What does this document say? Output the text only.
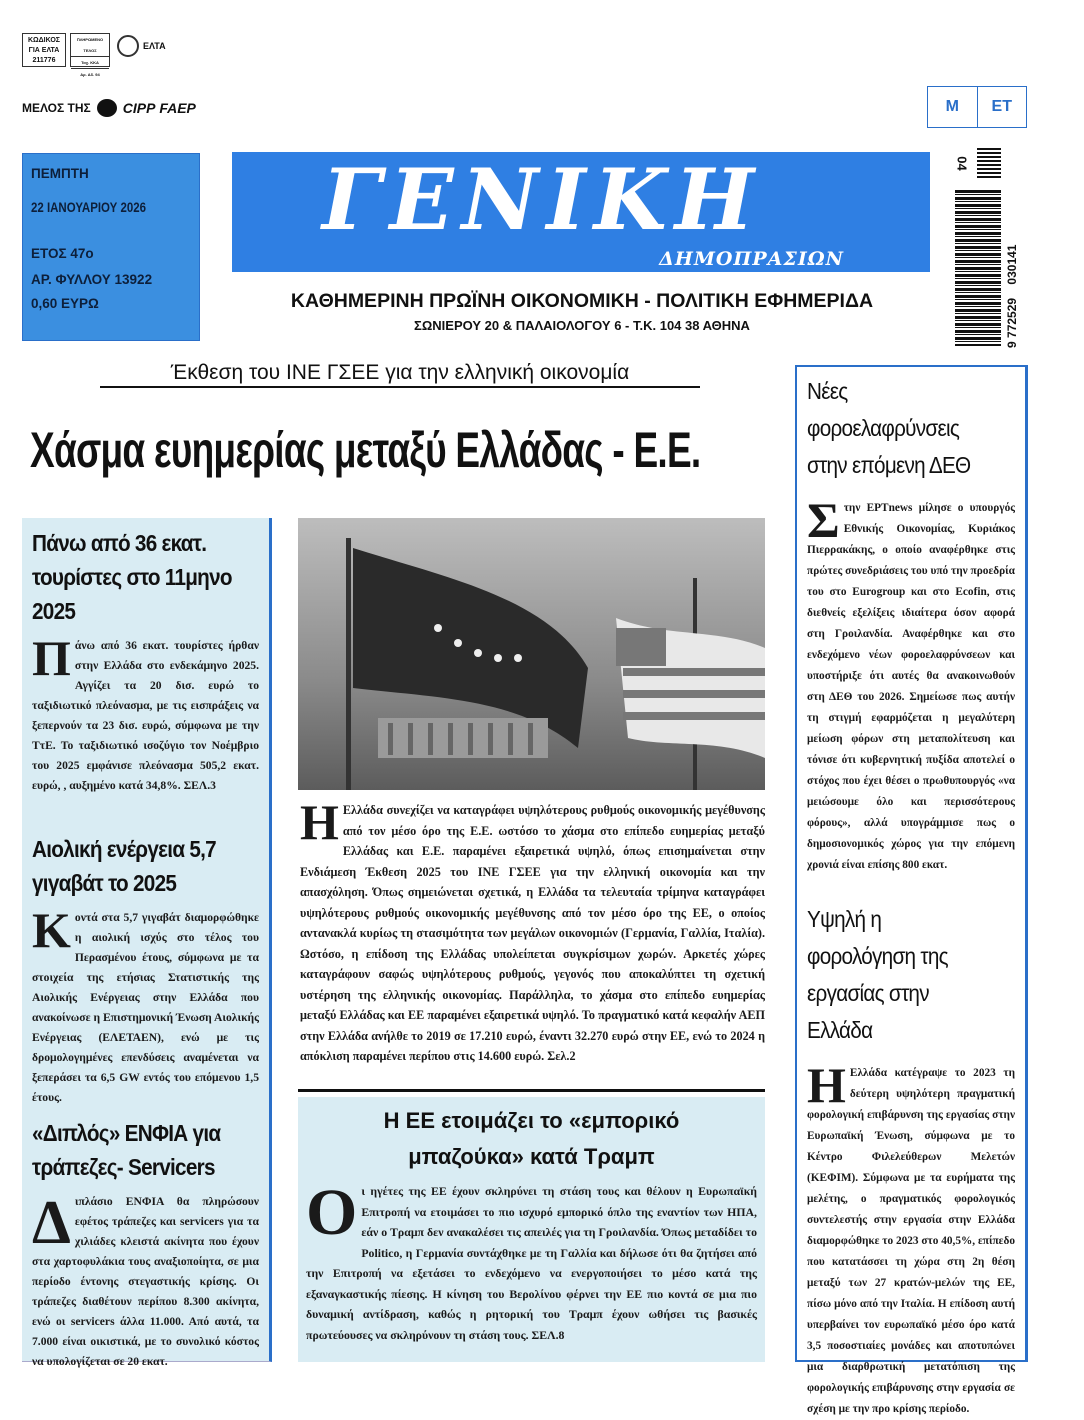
ΚΩΔΙΚΟΣ
ΓΙΑ ΕΛΤΑ
211776
ΠΛΗΡΩΜΕΝΟ ΤΕΛΟΣ
Ταχ. ΚΚΑ
Αρ. Αδ. 94
ΕΛΤΑ
ΜΕΛΟΣ ΤΗΣ ϹΙΡΡ FAEP
ΠΕΜΠΤΗ
22 ΙΑΝΟΥΑΡΙΟΥ 2026
ΕΤΟΣ 47ο
ΑΡ. ΦΥΛΛΟΥ 13922
0,60 ΕΥΡΩ
ΓΕΝΙΚΗ
ΔΗΜΟΠΡΑΣΙΩΝ
ΚΑΘΗΜΕΡΙΝΗ ΠΡΩΪΝΗ ΟΙΚΟΝΟΜΙΚΗ - ΠΟΛΙΤΙΚΗ ΕΦΗΜΕΡΙΔΑ
ΣΩΝΙΕΡΟΥ 20 & ΠΑΛΑΙΟΛΟΓΟΥ 6 - Τ.Κ. 104 38 ΑΘΗΝΑ
M	ET
04
9 772529 030141
Έκθεση του ΙΝΕ ΓΣΕΕ για την ελληνική οικονομία
Χάσμα ευημερίας μεταξύ Ελλάδας - Ε.Ε.
Πάνω από 36 εκατ. τουρίστες στο 11μηνο 2025
Πάνω από 36 εκατ. τουρίστες ήρθαν στην Ελλάδα στο ενδεκάμηνο 2025. Αγγίζει τα 20 δισ. ευρώ το ταξιδιωτικό πλεόνασμα, με τις εισπράξεις να ξεπερνούν τα 23 δισ. ευρώ, σύμφωνα με την ΤτΕ. Το ταξιδιωτικό ισοζύγιο τον Νοέμβριο του 2025 εμφάνισε πλεόνασμα 505,2 εκατ. ευρώ, , αυξημένο κατά 34,8%. ΣΕΛ.3
Αιολική ενέργεια 5,7 γιγαβάτ το 2025
Κοντά στα 5,7 γιγαβάτ διαμορφώθηκε η αιολική ισχύς στο τέλος του Περασμένου έτους, σύμφωνα με τα στοιχεία της ετήσιας Στατιστικής της Αιολικής Ενέργειας στην Ελλάδα που ανακοίνωσε η Επιστημονική Ένωση Αιολικής Ενέργειας (ΕΛΕΤΑΕΝ), ενώ με τις δρομολογημένες επενδύσεις αναμένεται να ξεπεράσει τα 6,5 GW εντός του επόμενου 1,5 έτους.
«Διπλός» ΕΝΦΙΑ για τράπεζες- Servicers
Διπλάσιο ΕΝΦΙΑ θα πληρώσουν εφέτος τράπεζες και servicers για τα χιλιάδες κλειστά ακίνητα που έχουν στα χαρτοφυλάκια τους αναξιοποίητα, σε μια περίοδο έντονης στεγαστικής κρίσης. Οι τράπεζες διαθέτουν περίπου 8.300 ακίνητα, ενώ οι servicers άλλα 11.000. Από αυτά, τα 7.000 είναι οικιστικά, με το συνολικό κόστος να υπολογίζεται σε 20 εκατ.
Η Ελλάδα συνεχίζει να καταγράφει υψηλότερους ρυθμούς οικονομικής μεγέθυνσης από τον μέσο όρο της Ε.Ε. ωστόσο το χάσμα στο επίπεδο ευημερίας μεταξύ Ελλάδας και Ε.Ε. παραμένει εξαιρετικά υψηλό, όπως επισημαίνεται στην Ενδιάμεση Έκθεση 2025 του ΙΝΕ ΓΣΕΕ για την ελληνική οικονομία και την απασχόληση. Όπως σημειώνεται σχετικά, η Ελλάδα τα τελευταία τρίμηνα καταγράφει υψηλότερους ρυθμούς οικονομικής μεγέθυνσης από τον μέσο όρο της ΕΕ, ο οποίος αντανακλά κυρίως τη στασιμότητα των μεγάλων οικονομιών (Γερμανία, Γαλλία, Ιταλία). Ωστόσο, η επίδοση της Ελλάδας υπολείπεται συγκρίσιμων χωρών. Αρκετές χώρες καταγράφουν σαφώς υψηλότερους ρυθμούς, γεγονός που αποκαλύπτει τη σχετική υστέρηση της ελληνικής οικονομίας. Παράλληλα, το χάσμα στο επίπεδο ευημερίας μεταξύ Ελλάδας και ΕΕ παραμένει εξαιρετικά υψηλό. Το πραγματικό κατά κεφαλήν ΑΕΠ στην Ελλάδα ανήλθε το 2019 σε 17.210 ευρώ, έναντι 32.270 ευρώ στην ΕΕ, ενώ το 2024 η απόκλιση παραμένει περίπου στις 14.600 ευρώ. Σελ.2
Η ΕΕ ετοιμάζει το «εμπορικό μπαζούκα» κατά Τραμπ
Οι ηγέτες της ΕΕ έχουν σκληρύνει τη στάση τους και θέλουν η Ευρωπαϊκή Επιτροπή να ετοιμάσει το πιο ισχυρό εμπορικό όπλο της εναντίον των ΗΠΑ, εάν ο Τραμπ δεν ανακαλέσει τις απειλές για τη Γροιλανδία. Όπως μεταδίδει το Politico, η Γερμανία συντάχθηκε με τη Γαλλία και δήλωσε ότι θα ζητήσει από την Επιτροπή να εξετάσει το ενδεχόμενο να ενεργοποιήσει το μέσο κατά της εξαναγκαστικής πίεσης. Η κίνηση του Βερολίνου φέρνει την ΕΕ πιο κοντά σε μια πιο δυναμική αντίδραση, καθώς η ρητορική του Τραμπ έχουν ωθήσει τις βασικές πρωτεύουσες να σκληρύνουν τη στάση τους. ΣΕΛ.8
Νέες φοροελαφρύνσεις στην επόμενη ΔΕΘ
Στην ΕΡΤnews μίλησε ο υπουργός Εθνικής Οικονομίας, Κυριάκος Πιερρακάκης, ο οποίο αναφέρθηκε στις πρώτες συνεδριάσεις του υπό την προεδρία του στο Eurogroup και στο Ecofin, στις διεθνείς εξελίξεις ιδιαίτερα όσον αφορά στη Γροιλανδία. Αναφέρθηκε και στο ενδεχόμενο νέων φοροελαφρύνσεων και υποστήριξε ότι αυτές θα ανακοινωθούν στη ΔΕΘ του 2026. Σημείωσε πως αυτήν τη στιγμή εφαρμόζεται η μεγαλύτερη μείωση φόρων στη μεταπολίτευση και τόνισε ότι κυβερνητική πυξίδα αποτελεί ο στόχος που έχει θέσει ο πρωθυπουργός «να μειώσουμε όλο και περισσότερους φόρους», αλλά υπογράμμισε πως ο δημοσιονομικός χώρος για την επόμενη χρονιά είναι επίσης 800 εκατ.
Υψηλή η φορολόγηση της εργασίας στην Ελλάδα
Η Ελλάδα κατέγραψε το 2023 τη δεύτερη υψηλότερη πραγματική φορολογική επιβάρυνση της εργασίας στην Ευρωπαϊκή Ένωση, σύμφωνα με το Κέντρο Φιλελεύθερων Μελετών (ΚΕΦΙΜ). Σύμφωνα με τα ευρήματα της μελέτης, ο πραγματικός φορολογικός συντελεστής στην εργασία στην Ελλάδα διαμορφώθηκε το 2023 στο 40,5%, επίπεδο που κατατάσσει τη χώρα στη 2η θέση μεταξύ των 27 κρατών-μελών της ΕΕ, πίσω μόνο από την Ιταλία. Η επίδοση αυτή υπερβαίνει τον ευρωπαϊκό μέσο όρο κατά 3,5 ποσοστιαίες μονάδες και αποτυπώνει μια διαρθρωτική μετατόπιση της φορολογικής επιβάρυνσης στην εργασία σε σχέση με την προ κρίσης περίοδο.
